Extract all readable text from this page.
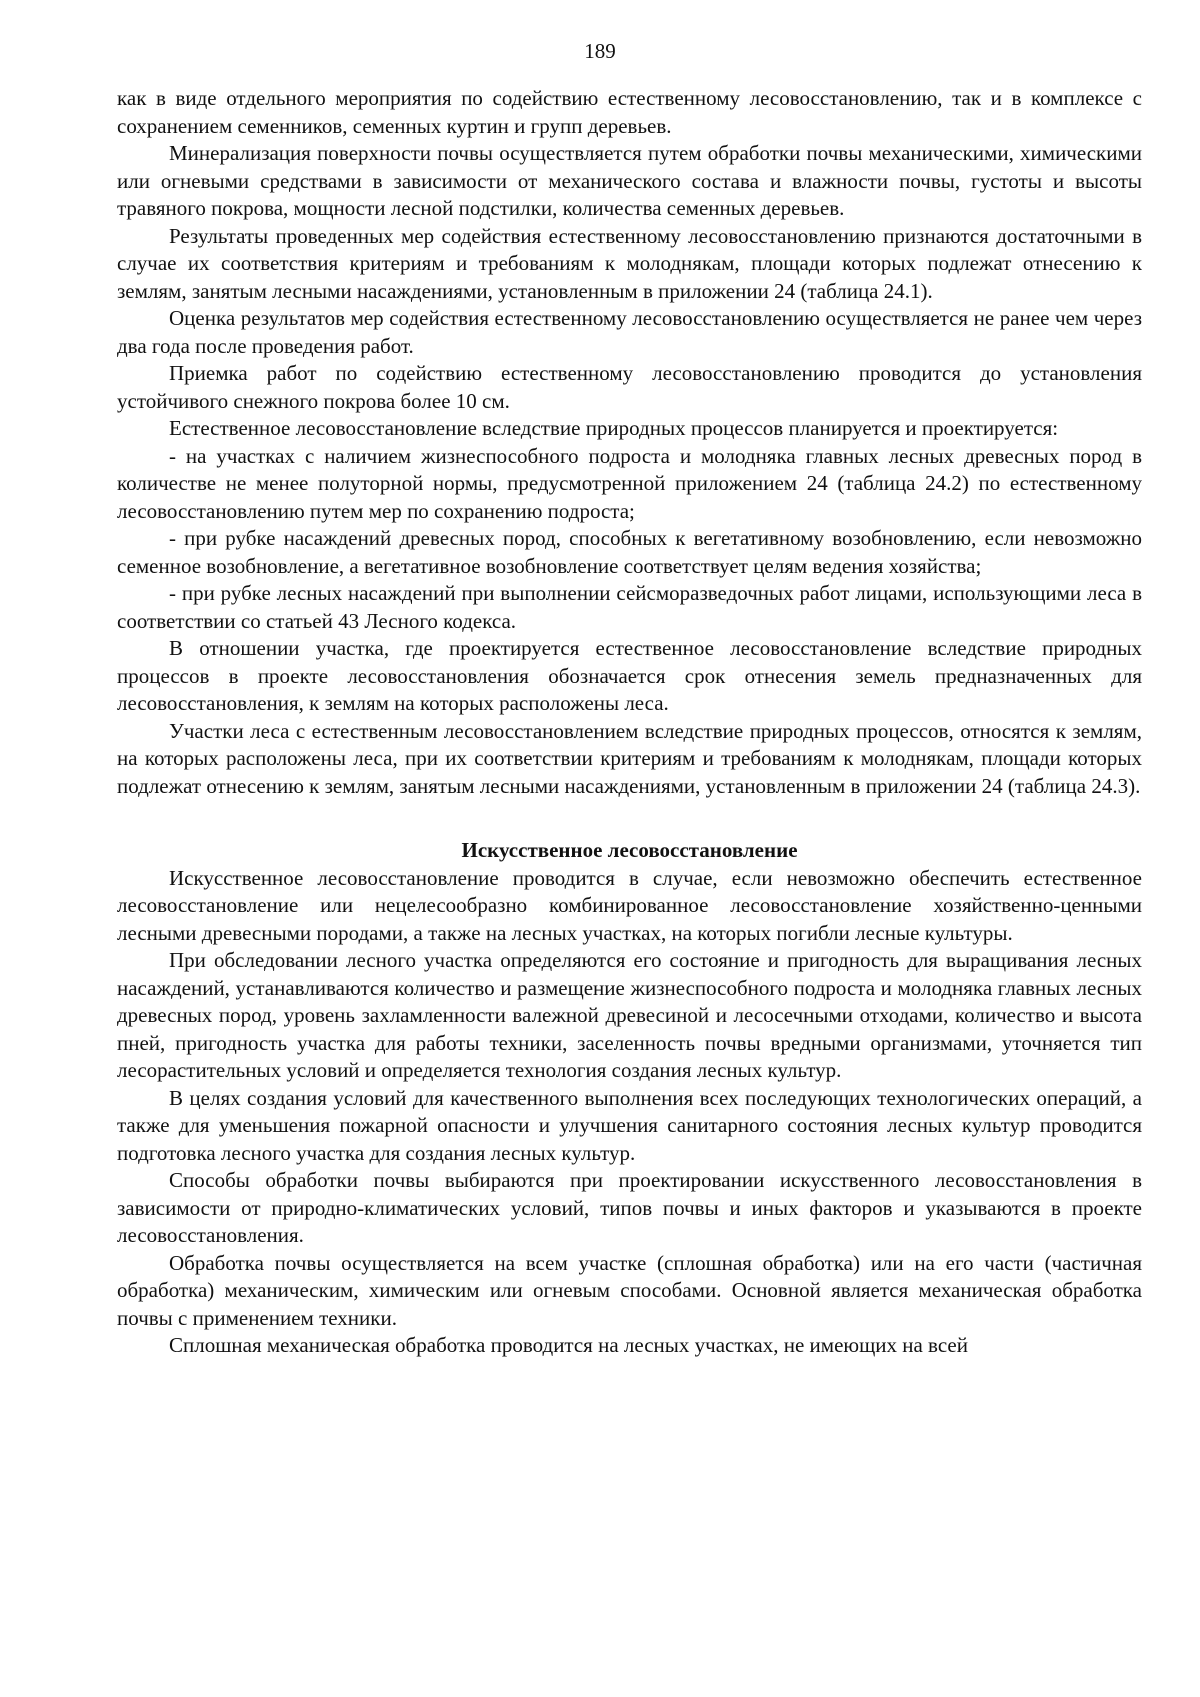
189

как в виде отдельного мероприятия по содействию естественному лесовосстановлению, так и в комплексе с сохранением семенников, семенных куртин и групп деревьев.

Минерализация поверхности почвы осуществляется путем обработки почвы механическими, химическими или огневыми средствами в зависимости от механического состава и влажности почвы, густоты и высоты травяного покрова, мощности лесной подстилки, количества семенных деревьев.

Результаты проведенных мер содействия естественному лесовосстановлению признаются достаточными в случае их соответствия критериям и требованиям к молоднякам, площади которых подлежат отнесению к землям, занятым лесными насаждениями, установленным в приложении 24 (таблица 24.1).

Оценка результатов мер содействия естественному лесовосстановлению осуществляется не ранее чем через два года после проведения работ.

Приемка работ по содействию естественному лесовосстановлению проводится до установления устойчивого снежного покрова более 10 см.

Естественное лесовосстановление вследствие природных процессов планируется и проектируется:

- на участках с наличием жизнеспособного подроста и молодняка главных лесных древесных пород в количестве не менее полуторной нормы, предусмотренной приложением 24 (таблица 24.2) по естественному лесовосстановлению путем мер по сохранению подроста;

- при рубке насаждений древесных пород, способных к вегетативному возобновлению, если невозможно семенное возобновление, а вегетативное возобновление соответствует целям ведения хозяйства;

- при рубке лесных насаждений при выполнении сейсморазведочных работ лицами, использующими леса в соответствии со статьей 43 Лесного кодекса.

В отношении участка, где проектируется естественное лесовосстановление вследствие природных процессов в проекте лесовосстановления обозначается срок отнесения земель предназначенных для лесовосстановления, к землям на которых расположены леса.

Участки леса с естественным лесовосстановлением вследствие природных процессов, относятся к землям, на которых расположены леса, при их соответствии критериям и требованиям к молоднякам, площади которых подлежат отнесению к землям, занятым лесными насаждениями, установленным в приложении 24 (таблица 24.3).

Искусственное лесовосстановление

Искусственное лесовосстановление проводится в случае, если невозможно обеспечить естественное лесовосстановление или нецелесообразно комбинированное лесовосстановление хозяйственно-ценными лесными древесными породами, а также на лесных участках, на которых погибли лесные культуры.

При обследовании лесного участка определяются его состояние и пригодность для выращивания лесных насаждений, устанавливаются количество и размещение жизнеспособного подроста и молодняка главных лесных древесных пород, уровень захламленности валежной древесиной и лесосечными отходами, количество и высота пней, пригодность участка для работы техники, заселенность почвы вредными организмами, уточняется тип лесорастительных условий и определяется технология создания лесных культур.

В целях создания условий для качественного выполнения всех последующих технологических операций, а также для уменьшения пожарной опасности и улучшения санитарного состояния лесных культур проводится подготовка лесного участка для создания лесных культур.

Способы обработки почвы выбираются при проектировании искусственного лесовосстановления в зависимости от природно-климатических условий, типов почвы и иных факторов и указываются в проекте лесовосстановления.

Обработка почвы осуществляется на всем участке (сплошная обработка) или на его части (частичная обработка) механическим, химическим или огневым способами. Основной является механическая обработка почвы с применением техники.

Сплошная механическая обработка проводится на лесных участках, не имеющих на всей
